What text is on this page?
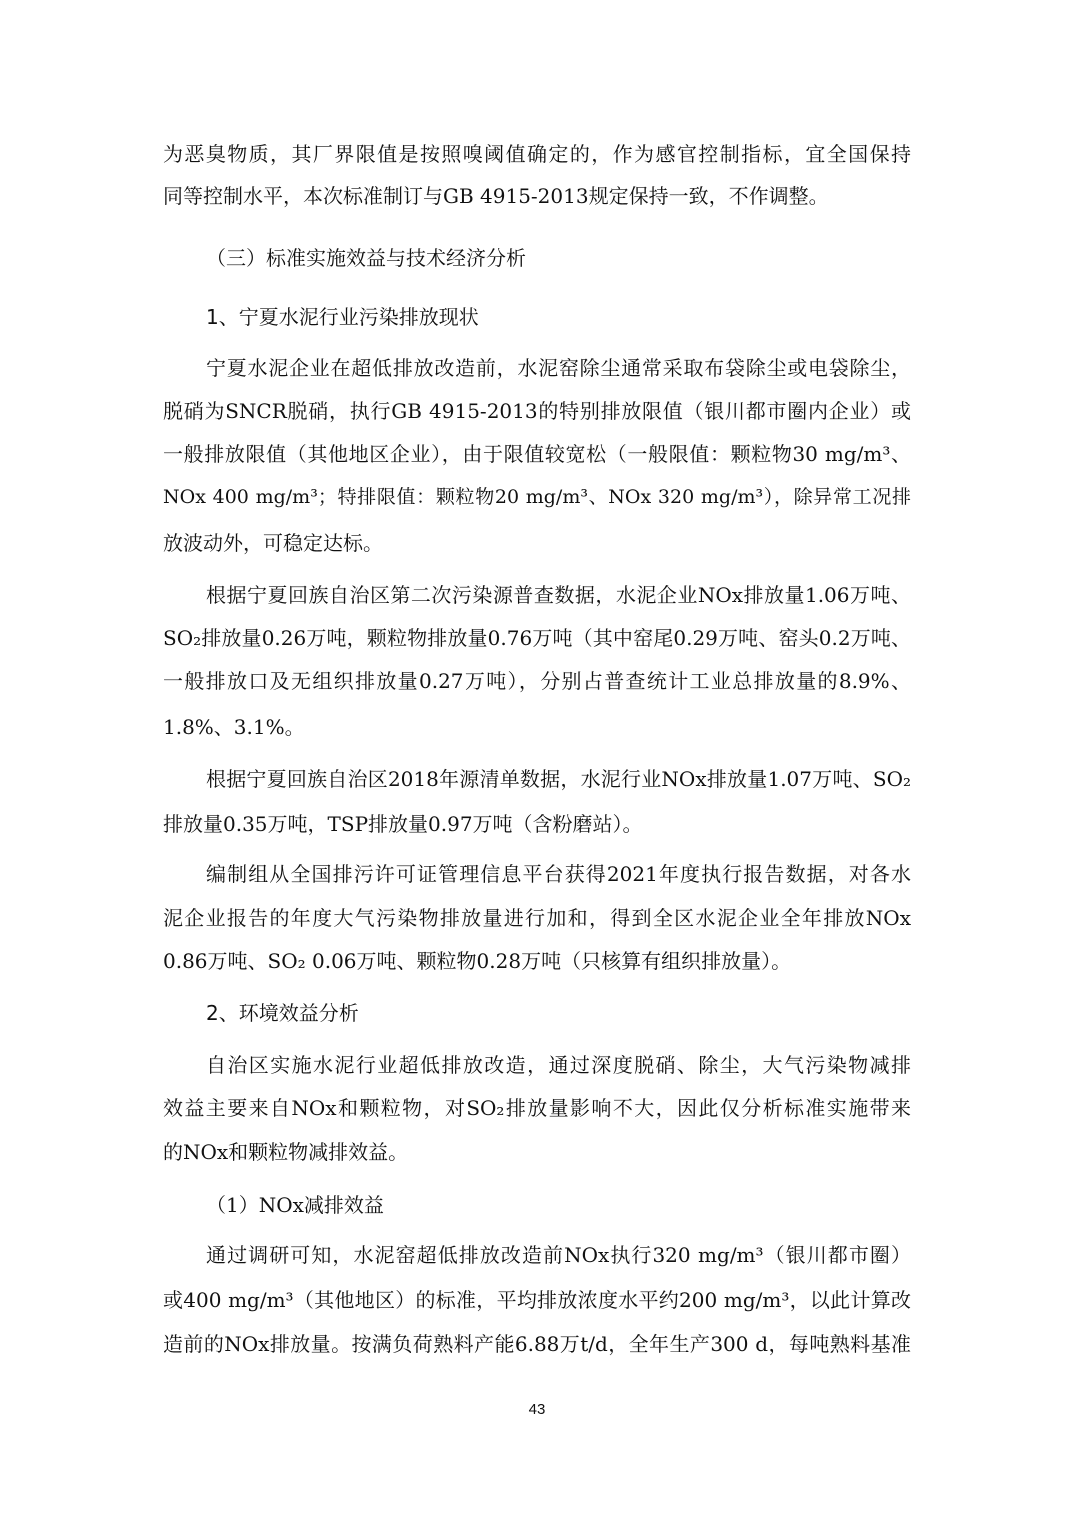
为恶臭物质，其厂界限值是按照嗅阈值确定的，作为感官控制指标，宜全国保持
同等控制水平，本次标准制订与GB 4915-2013规定保持一致，不作调整。
（三）标准实施效益与技术经济分析
1、宁夏水泥行业污染排放现状
宁夏水泥企业在超低排放改造前，水泥窑除尘通常采取布袋除尘或电袋除尘，
脱硝为SNCR脱硝，执行GB 4915-2013的特别排放限值（银川都市圈内企业）或
一般排放限值（其他地区企业），由于限值较宽松（一般限值：颗粒物30 mg/m³、
NOx 400 mg/m³；特排限值：颗粒物20 mg/m³、NOx 320 mg/m³），除异常工况排
放波动外，可稳定达标。
根据宁夏回族自治区第二次污染源普查数据，水泥企业NOx排放量1.06万吨、
SO₂排放量0.26万吨，颗粒物排放量0.76万吨（其中窑尾0.29万吨、窑头0.2万吨、
一般排放口及无组织排放量0.27万吨），分别占普查统计工业总排放量的8.9%、
1.8%、3.1%。
根据宁夏回族自治区2018年源清单数据，水泥行业NOx排放量1.07万吨、SO₂
排放量0.35万吨，TSP排放量0.97万吨（含粉磨站）。
编制组从全国排污许可证管理信息平台获得2021年度执行报告数据，对各水
泥企业报告的年度大气污染物排放量进行加和，得到全区水泥企业全年排放NOx
0.86万吨、SO₂ 0.06万吨、颗粒物0.28万吨（只核算有组织排放量）。
2、环境效益分析
自治区实施水泥行业超低排放改造，通过深度脱硝、除尘，大气污染物减排
效益主要来自NOx和颗粒物，对SO₂排放量影响不大，因此仅分析标准实施带来
的NOx和颗粒物减排效益。
（1）NOx减排效益
通过调研可知，水泥窑超低排放改造前NOx执行320 mg/m³（银川都市圈）
或400 mg/m³（其他地区）的标准，平均排放浓度水平约200 mg/m³，以此计算改
造前的NOx排放量。按满负荷熟料产能6.88万t/d，全年生产300 d，每吨熟料基准
43
